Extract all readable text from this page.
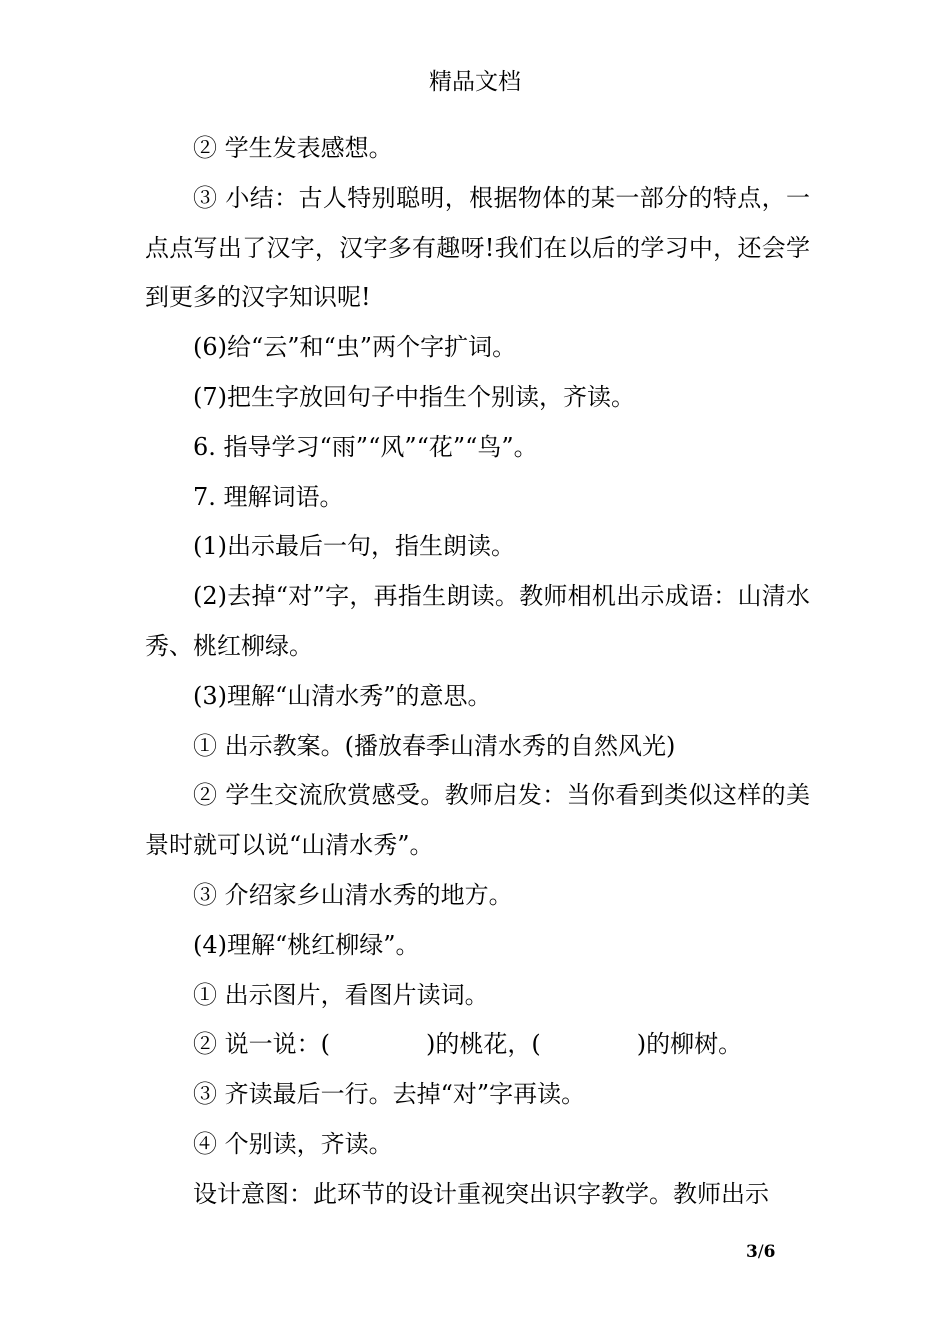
精品文档

② 学生发表感想。

③ 小结：古人特别聪明，根据物体的某一部分的特点，一点点写出了汉字，汉字多有趣呀!我们在以后的学习中，还会学到更多的汉字知识呢!

(6)给“云”和“虫”两个字扩词。

(7)把生字放回句子中指生个别读，齐读。

6. 指导学习“雨”“风”“花”“鸟”。

7. 理解词语。

(1)出示最后一句，指生朗读。

(2)去掉“对”字，再指生朗读。教师相机出示成语：山清水秀、桃红柳绿。

(3)理解“山清水秀”的意思。

① 出示教案。(播放春季山清水秀的自然风光)

② 学生交流欣赏感受。教师启发：当你看到类似这样的美景时就可以说“山清水秀”。

③ 介绍家乡山清水秀的地方。

(4)理解“桃红柳绿”。

① 出示图片，看图片读词。

② 说一说：(　　　　)的桃花，(　　　　)的柳树。

③ 齐读最后一行。去掉“对”字再读。

④ 个别读，齐读。

设计意图：此环节的设计重视突出识字教学。教师出示

3/6
